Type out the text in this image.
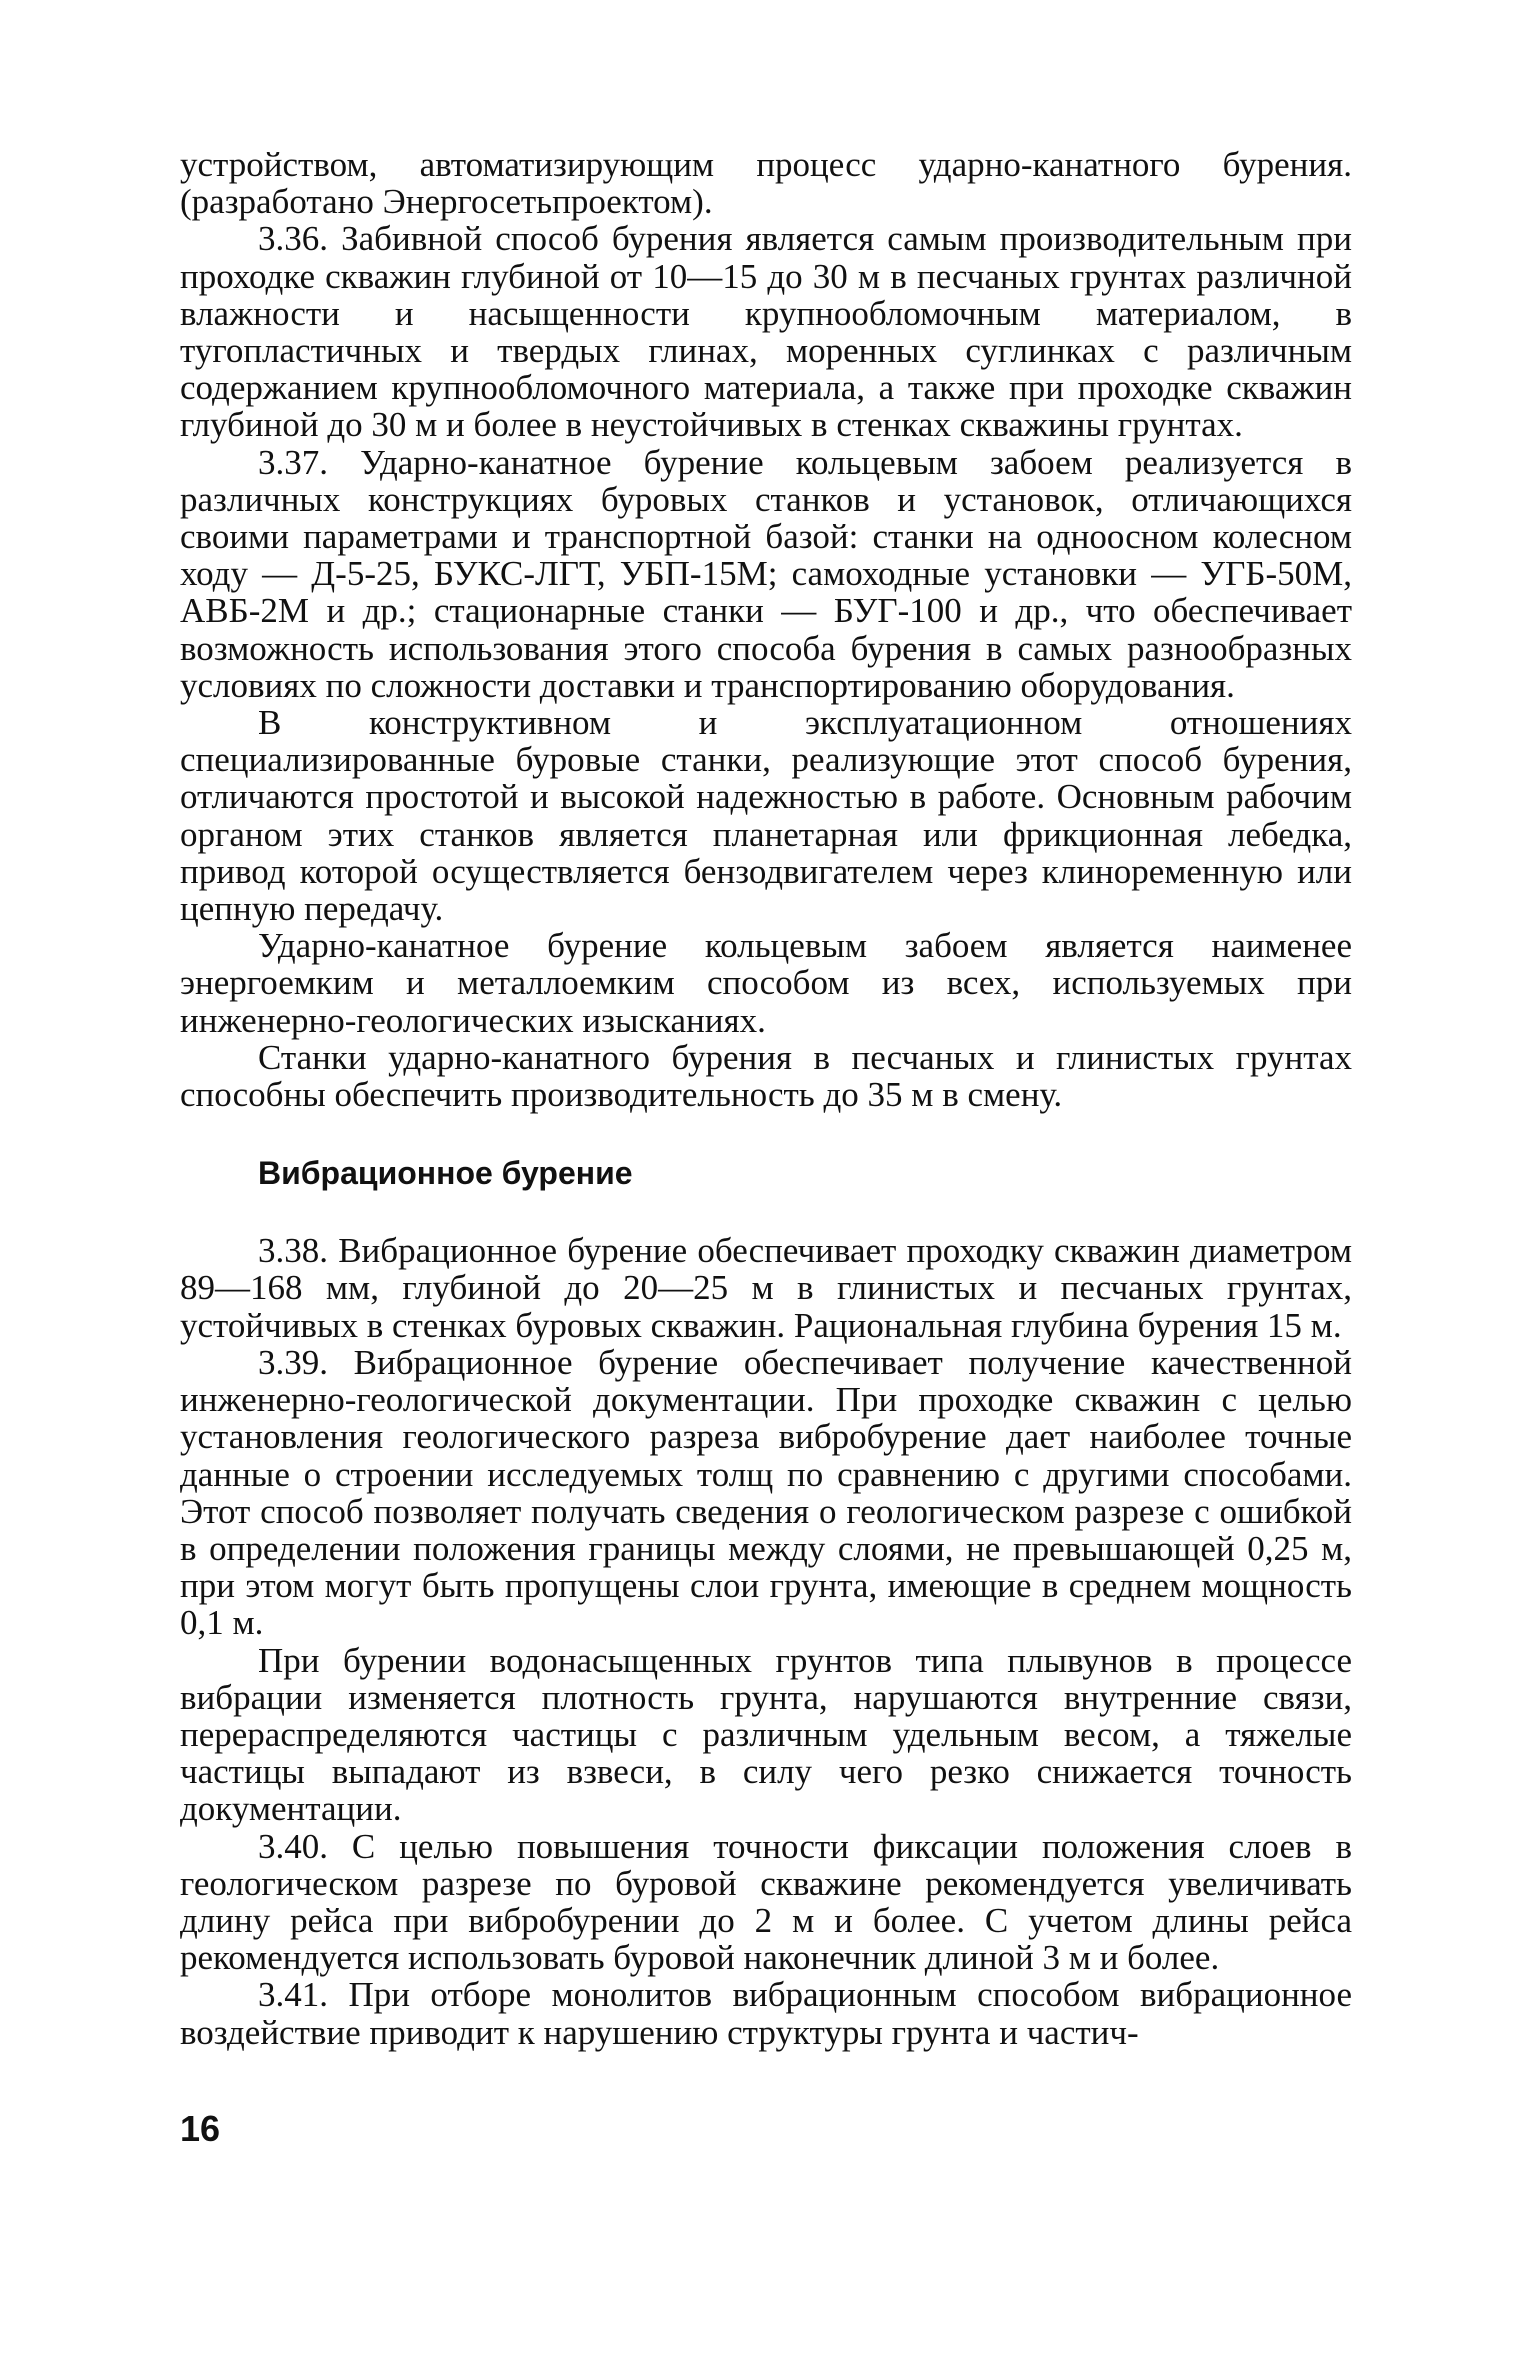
устройством, автоматизирующим процесс ударно-канатного бурения. (разработано Энергосетьпроектом).

3.36. Забивной способ бурения является самым производительным при проходке скважин глубиной от 10—15 до 30 м в песчаных грунтах различной влажности и насыщенности крупнообломочным материалом, в тугопластичных и твердых глинах, моренных суглинках с различным содержанием крупнообломочного материала, а также при проходке скважин глубиной до 30 м и более в неустойчивых в стенках скважины грунтах.

3.37. Ударно-канатное бурение кольцевым забоем реализуется в различных конструкциях буровых станков и установок, отличающихся своими параметрами и транспортной базой: станки на одноосном колесном ходу — Д-5-25, БУКС-ЛГТ, УБП-15М; самоходные установки — УГБ-50М, АВБ-2М и др.; стационарные станки — БУГ-100 и др., что обеспечивает возможность использования этого способа бурения в самых разнообразных условиях по сложности доставки и транспортированию оборудования.

В конструктивном и эксплуатационном отношениях специализированные буровые станки, реализующие этот способ бурения, отличаются простотой и высокой надежностью в работе. Основным рабочим органом этих станков является планетарная или фрикционная лебедка, привод которой осуществляется бензодвигателем через клиноременную или цепную передачу.

Ударно-канатное бурение кольцевым забоем является наименее энергоемким и металлоемким способом из всех, используемых при инженерно-геологических изысканиях.

Станки ударно-канатного бурения в песчаных и глинистых грунтах способны обеспечить производительность до 35 м в смену.

Вибрационное бурение

3.38. Вибрационное бурение обеспечивает проходку скважин диаметром 89—168 мм, глубиной до 20—25 м в глинистых и песчаных грунтах, устойчивых в стенках буровых скважин. Рациональная глубина бурения 15 м.

3.39. Вибрационное бурение обеспечивает получение качественной инженерно-геологической документации. При проходке скважин с целью установления геологического разреза вибробурение дает наиболее точные данные о строении исследуемых толщ по сравнению с другими способами. Этот способ позволяет получать сведения о геологическом разрезе с ошибкой в определении положения границы между слоями, не превышающей 0,25 м, при этом могут быть пропущены слои грунта, имеющие в среднем мощность 0,1 м.

При бурении водонасыщенных грунтов типа плывунов в процессе вибрации изменяется плотность грунта, нарушаются внутренние связи, перераспределяются частицы с различным удельным весом, а тяжелые частицы выпадают из взвеси, в силу чего резко снижается точность документации.

3.40. С целью повышения точности фиксации положения слоев в геологическом разрезе по буровой скважине рекомендуется увеличивать длину рейса при вибробурении до 2 м и более. С учетом длины рейса рекомендуется использовать буровой наконечник длиной 3 м и более.

3.41. При отборе монолитов вибрационным способом вибрационное воздействие приводит к нарушению структуры грунта и частич-

16
